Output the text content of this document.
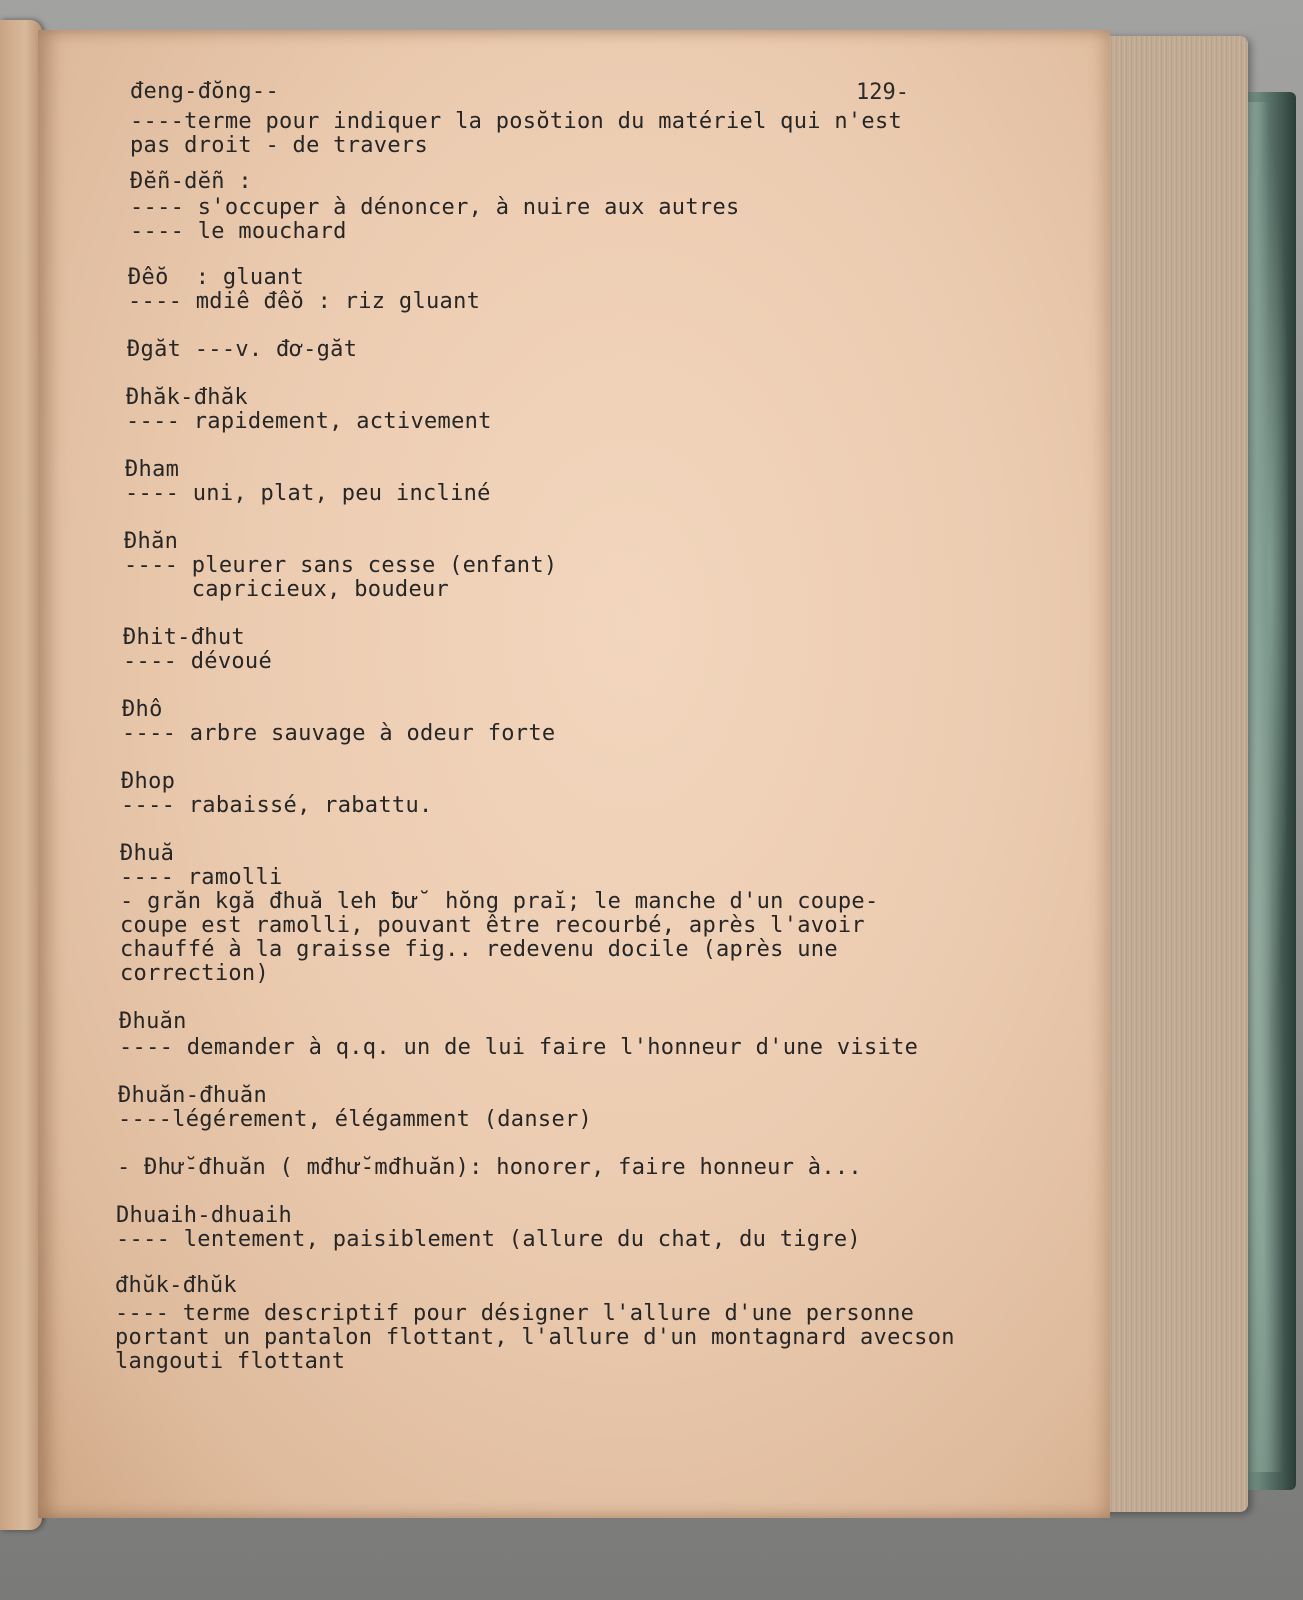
129-

đeng-đŏng--

----terme pour indiquer la posŏtion du matériel qui n'est

pas droit - de travers

Đĕñ-dĕñ :

---- s'occuper à dénoncer, à nuire aux autres

---- le mouchard

Đêŏ  : gluant

---- mdiê đêŏ : riz gluant

Đgăt ---v. đơ-găt

Đhăk-đhăk

---- rapidement, activement

Đham

---- uni, plat, peu incliné

Đhăn

---- pleurer sans cesse (enfant)

capricieux, boudeur

Đhit-đhut

---- dévoué

Đhô

---- arbre sauvage à odeur forte

Đhop

---- rabaissé, rabattu.

Đhuă

---- ramolli

- grăn kgă đhuă leh ƀư̆  hŏng praĭ; le manche d'un coupe-

coupe est ramolli, pouvant être recourbé, après l'avoir

chauffé à la graisse fig.. redevenu docile (après une

correction)

Đhuăn

---- demander à q.q. un de lui faire l'honneur d'une visite

Đhuăn-đhuăn

----légérement, élégamment (danser)

- Đhư̆-đhuăn ( mđhư̆-mđhuăn): honorer, faire honneur à...

Dhuaih-dhuaih

---- lentement, paisiblement (allure du chat, du tigre)

đhŭk-đhŭk

---- terme descriptif pour désigner l'allure d'une personne

portant un pantalon flottant, l'allure d'un montagnard avecson

langouti flottant
